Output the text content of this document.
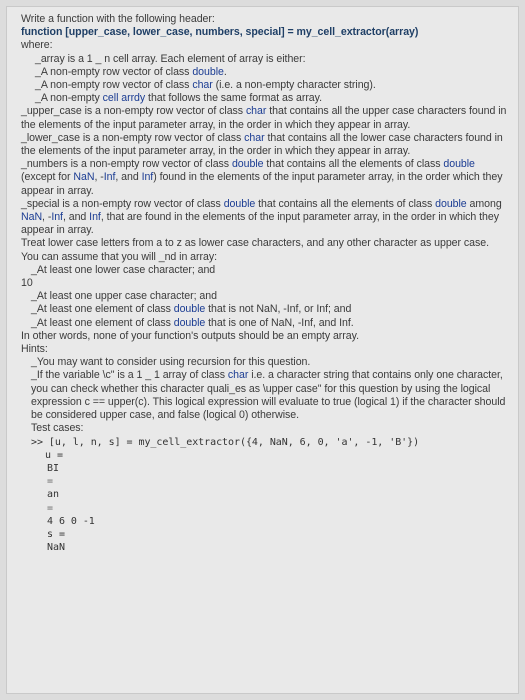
Write a function with the following header:
function [upper_case, lower_case, numbers, special] = my_cell_extractor(array)
where:
_array is a 1 _ n cell array. Each element of array is either:
_A non-empty row vector of class double.
_A non-empty row vector of class char (i.e. a non-empty character string).
_A non-empty cell arrdy that follows the same format as array.
_upper_case is a non-empty row vector of class char that contains all the upper case characters found in the elements of the input parameter array, in the order in which they appear in array.
_lower_case is a non-empty row vector of class char that contains all the lower case characters found in the elements of the input parameter array, in the order in which they appear in array.
_numbers is a non-empty row vector of class double that contains all the elements of class double (except for NaN, -Inf, and Inf) found in the elements of the input parameter array, in the order which they appear in array.
_special is a non-empty row vector of class double that contains all the elements of class double among NaN, -Inf, and Inf, that are found in the elements of the input parameter array, in the order in which they appear in array.
Treat lower case letters from a to z as lower case characters, and any other character as upper case. You can assume that you will _nd in array:
_At least one lower case character; and
10
_At least one upper case character; and
_At least one element of class double that is not NaN, -Inf, or Inf; and
_At least one element of class double that is one of NaN, -Inf, and Inf.
In other words, none of your function's outputs should be an empty array.
Hints:
_You may want to consider using recursion for this question.
_If the variable \c" is a 1 _ 1 array of class char i.e. a character string that contains only one character, you can check whether this character quali_es as \upper case" for this question by using the logical expression c == upper(c). This logical expression will evaluate to true (logical 1) if the character should be considered upper case, and false (logical 0) otherwise.
Test cases:
>> [u, l, n, s] = my_cell_extractor({4, NaN, 6, 0, 'a', -1, 'B'})
u =
BI
=
an
=
4 6 0 -1
s =
NaN
